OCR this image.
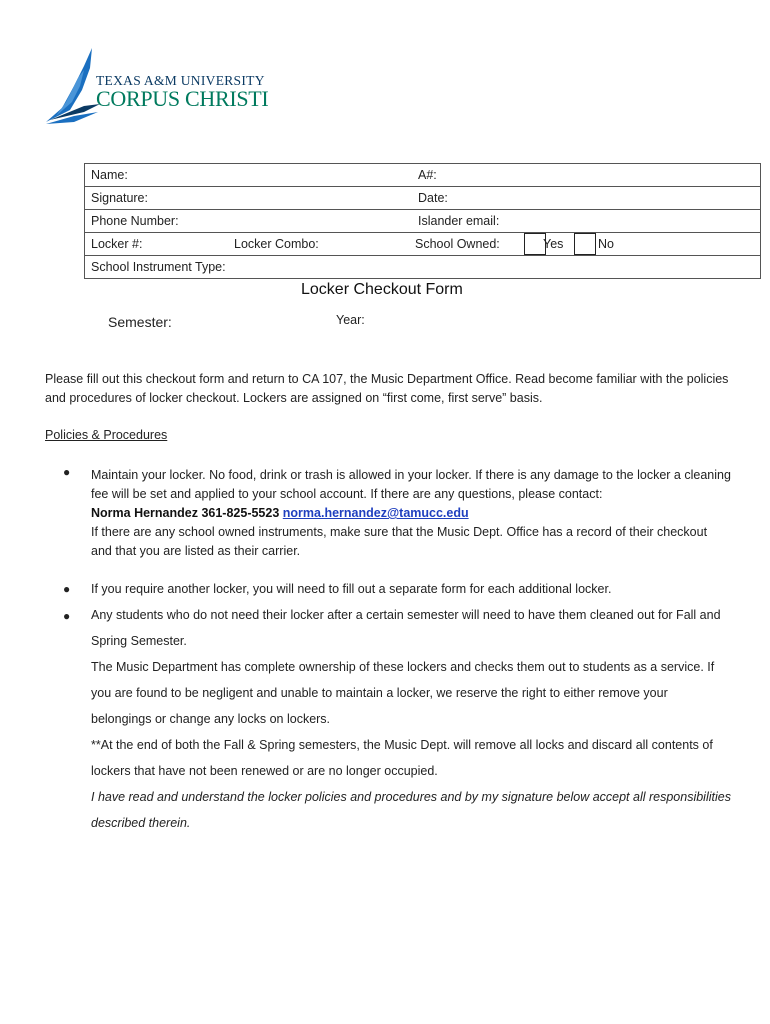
TEXAS A&M UNIVERSITY
CORPUS CHRISTI
Name:	A#:

Signature:	Date:

Phone Number:	Islander email:

Locker #:	Locker Combo:	School Owned:	Yes	No

School Instrument Type:
Locker Checkout Form
Semester:	Year:
Please fill out this checkout form and return to CA 107, the Music Department Office. Read become familiar with the policies and procedures of locker checkout. Lockers are assigned on “first come, first serve” basis.
Policies & Procedures
● Maintain your locker. No food, drink or trash is allowed in your locker. If there is any damage to the locker a cleaning fee will be set and applied to your school account. If there are any questions, please contact:

Norma Hernandez 361-825-5523 norma.hernandez@tamucc.edu

If there are any school owned instruments, make sure that the Music Dept. Office has a record of their checkout and that you are listed as their carrier.

● If you require another locker, you will need to fill out a separate form for each additional locker.

● Any students who do not need their locker after a certain semester will need to have them cleaned out for Fall and Spring Semester.

The Music Department has complete ownership of these lockers and checks them out to students as a service. If you are found to be negligent and unable to maintain a locker, we reserve the right to either remove your belongings or change any locks on lockers.

**At the end of both the Fall & Spring semesters, the Music Dept. will remove all locks and discard all contents of lockers that have not been renewed or are no longer occupied.

I have read and understand the locker policies and procedures and by my signature below accept all responsibilities described therein.
